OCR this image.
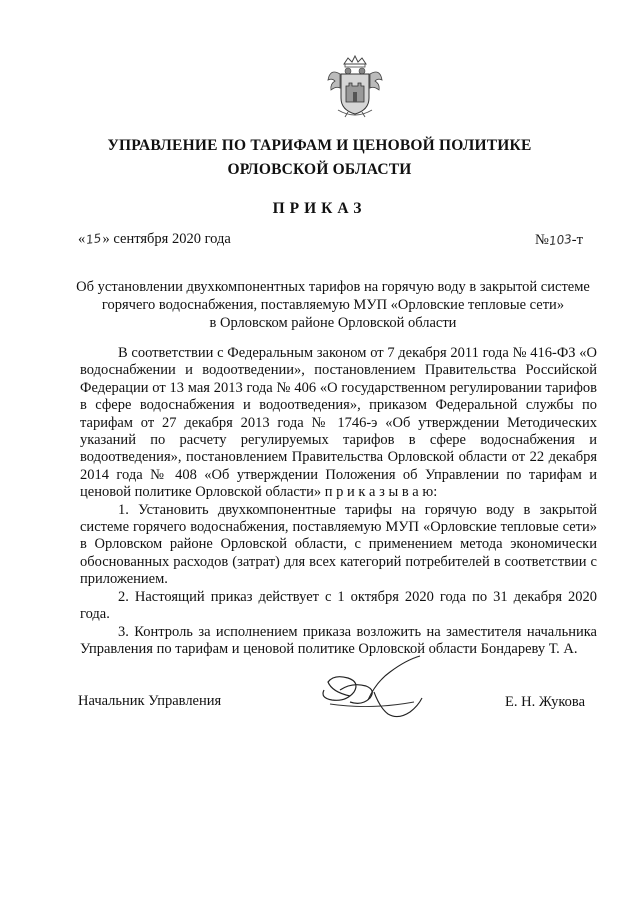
УПРАВЛЕНИЕ ПО ТАРИФАМ И ЦЕНОВОЙ ПОЛИТИКЕ
ОРЛОВСКОЙ ОБЛАСТИ
ПРИКАЗ
«15» сентября 2020 года	№103-т
Об установлении двухкомпонентных тарифов на горячую воду в закрытой системе
горячего водоснабжения, поставляемую МУП «Орловские тепловые сети»
в Орловском районе Орловской области

В соответствии с Федеральным законом от 7 декабря 2011 года № 416-ФЗ «О водоснабжении и водоотведении», постановлением Правительства Российской Федерации от 13 мая 2013 года № 406 «О государственном регулировании тарифов в сфере водоснабжения и водоотведения», приказом Федеральной службы по тарифам от 27 декабря 2013 года № 1746-э «Об утверждении Методических указаний по расчету регулируемых тарифов в сфере водоснабжения и водоотведения», постановлением Правительства Орловской области от 22 декабря 2014 года № 408 «Об утверждении Положения об Управлении по тарифам и ценовой политике Орловской области» п р и к а з ы в а ю:

1. Установить двухкомпонентные тарифы на горячую воду в закрытой системе горячего водоснабжения, поставляемую МУП «Орловские тепловые сети» в Орловском районе Орловской области, с применением метода экономически обоснованных расходов (затрат) для всех категорий потребителей в соответствии с приложением.

2. Настоящий приказ действует с 1 октября 2020 года по 31 декабря 2020 года.

3. Контроль за исполнением приказа возложить на заместителя начальника Управления по тарифам и ценовой политике Орловской области Бондареву Т. А.

Начальник Управления	Е. Н. Жукова
